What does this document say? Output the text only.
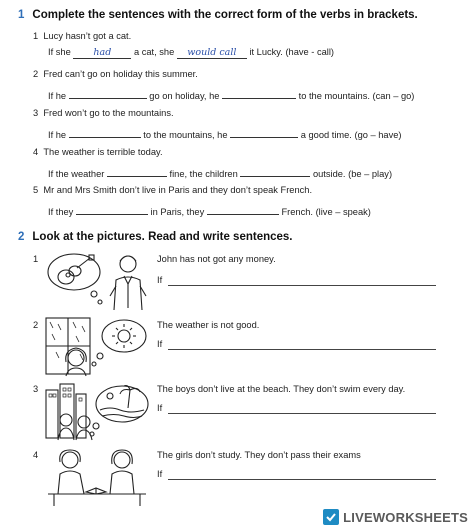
1 Complete the sentences with the correct form of the verbs in brackets.
1 Lucy hasn’t got a cat.
If she had a cat, she would call it Lucky. (have - call)
2 Fred can’t go on holiday this summer.
If he	go on holiday, he	to the mountains. (can – go)
3 Fred won’t go to the mountains.
If he	to the mountains, he	a good time. (go – have)
4 The weather is terrible today.
If the weather	fine, the children	outside. (be – play)
5 Mr and Mrs Smith don’t live in Paris and they don’t speak French.
If they	in Paris, they	French. (live – speak)
2 Look at the pictures. Read and write sentences.
1	John has not got any money.
If
2	The weather is not good.
If
3	The boys don’t live at the beach. They don’t swim every day.
If
4	The girls don’t study. They don’t pass their exams
If
LIVEWORKSHEETS
